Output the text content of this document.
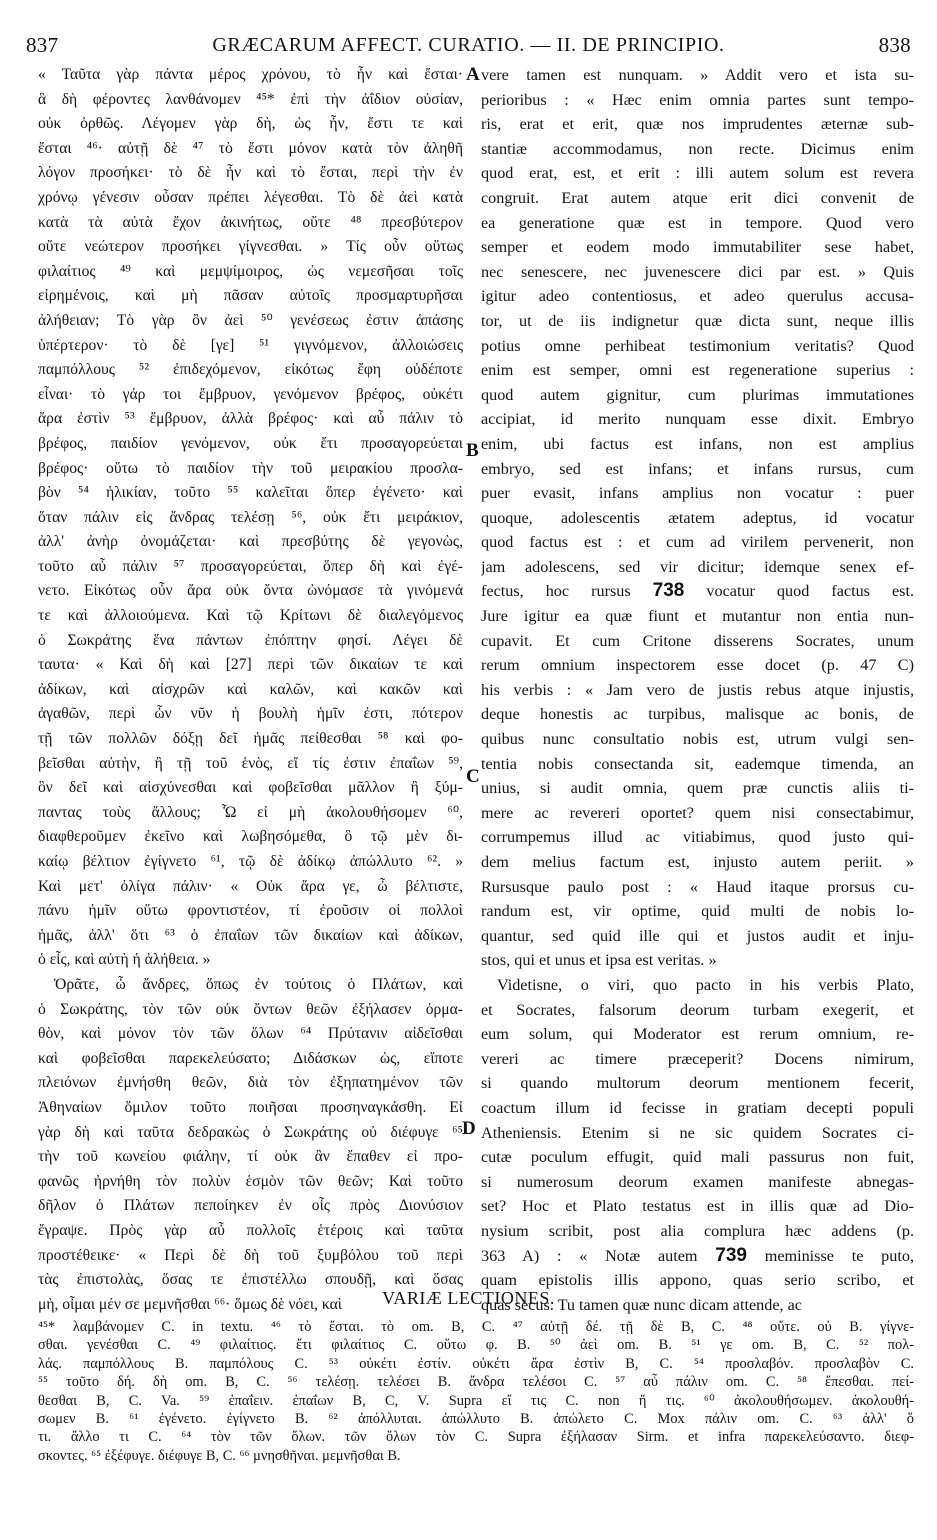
837	GRÆCARUM AFFECT. CURATIO. — II. DE PRINCIPIO.	838
« Ταῦτα γὰρ πάντα μέρος χρόνου, τὸ ἦν καὶ ἔσται·
ἃ δὴ φέροντες λανθάνομεν ⁴⁵* ἐπὶ τὴν ἀΐδιον οὐσίαν,
οὐκ ὀρθῶς. Λέγομεν γὰρ δὴ, ὡς ἦν, ἔστι τε καὶ
ἔσται ⁴⁶· αὐτῇ δὲ ⁴⁷ τὸ ἔστι μόνον κατὰ τὸν ἀληθῆ
λόγον προσήκει· τὸ δὲ ἦν καὶ τὸ ἔσται, περὶ τὴν ἐν
χρόνῳ γένεσιν οὖσαν πρέπει λέγεσθαι. Τὸ δὲ ἀεὶ κατὰ
κατὰ τὰ αὐτὰ ἔχον ἀκινήτως, οὔτε ⁴⁸ πρεσβύτερον
οὔτε νεώτερον προσήκει γίγνεσθαι. » Τίς οὖν οὕτως
φιλαίτιος ⁴⁹ καὶ μεμψίμοιρος, ὡς νεμεσῆσαι τοῖς
εἰρημένοις, καὶ μὴ πᾶσαν αὐτοῖς προσμαρτυρῆσαι
ἀλήθειαν; Τὸ γὰρ ὂν ἀεὶ ⁵⁰ γενέσεως ἐστιν ἁπάσης
ὑπέρτερον· τὸ δὲ [γε] ⁵¹ γιγνόμενον, ἀλλοιώσεις
παμπόλλους ⁵² ἐπιδεχόμενον, εἰκότως ἔφη οὐδέποτε
εἶναι· τὸ γάρ τοι ἔμβρυον, γενόμενον βρέφος, οὐκέτι
ἄρα ἐστὶν ⁵³ ἔμβρυον, ἀλλὰ βρέφος· καὶ αὖ πάλιν τὸ
βρέφος, παιδίον γενόμενον, οὐκ ἔτι προσαγορεύεται
βρέφος· οὕτω τὸ παιδίον τὴν τοῦ μειρακίου προσλα-
βὸν ⁵⁴ ἡλικίαν, τοῦτο ⁵⁵ καλεῖται ὅπερ ἐγένετο· καὶ
ὅταν πάλιν εἰς ἄνδρας τελέσῃ ⁵⁶, οὐκ ἔτι μειράκιον,
ἀλλ' ἀνὴρ ὀνομάζεται· καὶ πρεσβύτης δὲ γεγονὼς,
τοῦτο αὖ πάλιν ⁵⁷ προσαγορεύεται, ὅπερ δὴ καὶ ἐγέ-
νετο. Εἰκότως οὖν ἄρα οὐκ ὄντα ὠνόμασε τὰ γινόμενά
τε καὶ ἀλλοιούμενα. Καὶ τῷ Κρίτωνι δὲ διαλεγόμενος
ὁ Σωκράτης ἕνα πάντων ἐπόπτην φησί. Λέγει δὲ
ταυτα· « Καὶ δὴ καὶ [27] περὶ τῶν δικαίων τε καὶ
ἀδίκων, καὶ αἰσχρῶν καὶ καλῶν, καὶ κακῶν καὶ
ἀγαθῶν, περὶ ὧν νῦν ἡ βουλὴ ἡμῖν ἐστι, πότερον
τῇ τῶν πολλῶν δόξῃ δεῖ ἡμᾶς πείθεσθαι ⁵⁸ καὶ φο-
βεῖσθαι αὐτὴν, ἢ τῇ τοῦ ἑνὸς, εἴ τίς ἐστιν ἐπαΐων ⁵⁹,
ὃν δεῖ καὶ αἰσχύνεσθαι καὶ φοβεῖσθαι μᾶλλον ἢ ξύμ-
παντας τοὺς ἄλλους; Ὧ εἰ μὴ ἀκολουθήσομεν ⁶⁰,
διαφθεροῦμεν ἐκεῖνο καὶ λωβησόμεθα, ὃ τῷ μὲν δι-
καίῳ βέλτιον ἐγίγνετο ⁶¹, τῷ δὲ ἀδίκῳ ἀπώλλυτο ⁶². »
Καὶ μετ' ὀλίγα πάλιν· « Οὐκ ἄρα γε, ὦ βέλτιστε,
πάνυ ἡμῖν οὕτω φροντιστέον, τί ἐροῦσιν οἱ πολλοὶ
ἡμᾶς, ἀλλ' ὅτι ⁶³ ὁ ἐπαΐων τῶν δικαίων καὶ ἀδίκων,
ὁ εἷς, καὶ αὐτὴ ἡ ἀλήθεια. »
Ὁρᾶτε, ὦ ἄνδρες, ὅπως ἐν τούτοις ὁ Πλάτων, καὶ
ὁ Σωκράτης, τὸν τῶν οὐκ ὄντων θεῶν ἐξήλασεν ὁρμα-
θὸν, καὶ μόνον τὸν τῶν ὅλων ⁶⁴ Πρύτανιν αἰδεῖσθαι
καὶ φοβεῖσθαι παρεκελεύσατο; Διδάσκων ὡς, εἴποτε
πλειόνων ἐμνήσθη θεῶν, διὰ τὸν ἐξηπατημένον τῶν
Ἀθηναίων ὅμιλον τοῦτο ποιῆσαι προσηναγκάσθη. Εἰ
γὰρ δὴ καὶ ταῦτα δεδρακὼς ὁ Σωκράτης οὐ διέφυγε ⁶⁵
τὴν τοῦ κωνείου φιάλην, τί οὐκ ἂν ἔπαθεν εἰ προ-
φανῶς ἠρνήθη τὸν πολὺν ἑσμὸν τῶν θεῶν; Καὶ τοῦτο
δῆλον ὁ Πλάτων πεποίηκεν ἐν οἷς πρὸς Διονύσιον
ἔγραψε. Πρὸς γὰρ αὖ πολλοῖς ἑτέροις καὶ ταῦτα
προστέθεικε· « Περὶ δὲ δὴ τοῦ ξυμβόλου τοῦ περὶ
τὰς ἐπιστολὰς, ὅσας τε ἐπιστέλλω σπουδῇ, καὶ ὅσας
μὴ, οἶμαι μέν σε μεμνῆσθαι ⁶⁶· ὅμως δὲ νόει, καὶ
vere tamen est nunquam. » Addit vero et ista su-
perioribus : « Hæc enim omnia partes sunt tempo-
ris, erat et erit, quæ nos imprudentes æternæ sub-
stantiæ accommodamus, non recte. Dicimus enim
quod erat, est, et erit : illi autem solum est revera
congruit. Erat autem atque erit dici convenit de
ea generatione quæ est in tempore. Quod vero
semper et eodem modo immutabiliter sese habet,
nec senescere, nec juvenescere dici par est. » Quis
igitur adeo contentiosus, et adeo querulus accusa-
tor, ut de iis indignetur quæ dicta sunt, neque illis
potius omne perhibeat testimonium veritatis? Quod
enim est semper, omni est regeneratione superius :
quod autem gignitur, cum plurimas immutationes
accipiat, id merito nunquam esse dixit. Embryo
enim, ubi factus est infans, non est amplius
embryo, sed est infans; et infans rursus, cum
puer evasit, infans amplius non vocatur : puer
quoque, adolescentis ætatem adeptus, id vocatur
quod factus est : et cum ad virilem pervenerit, non
jam adolescens, sed vir dicitur; idemque senex ef-
fectus, hoc rursus 738 vocatur quod factus est.
Jure igitur ea quæ fiunt et mutantur non entia nun-
cupavit. Et cum Critone disserens Socrates, unum
rerum omnium inspectorem esse docet (p. 47 C)
his verbis : « Jam vero de justis rebus atque injustis,
deque honestis ac turpibus, malisque ac bonis, de
quibus nunc consultatio nobis est, utrum vulgi sen-
tentia nobis consectanda sit, eademque timenda, an
unius, si audit omnia, quem præ cunctis aliis ti-
mere ac revereri oportet? quem nisi consectabimur,
corrumpemus illud ac vitiabimus, quod justo qui-
dem melius factum est, injusto autem periit. »
Rursusque paulo post : « Haud itaque prorsus cu-
randum est, vir optime, quid multi de nobis lo-
quantur, sed quid ille qui et justos audit et inju-
stos, qui et unus et ipsa est veritas. »
Videtisne, o viri, quo pacto in his verbis Plato,
et Socrates, falsorum deorum turbam exegerit, et
eum solum, qui Moderator est rerum omnium, re-
vereri ac timere præceperit? Docens nimirum,
si quando multorum deorum mentionem fecerit,
coactum illum id fecisse in gratiam decepti populi
Atheniensis. Etenim si ne sic quidem Socrates ci-
cutæ poculum effugit, quid mali passurus non fuit,
si numerosum deorum examen manifeste abnegas-
set? Hoc et Plato testatus est in illis quæ ad Dio-
nysium scribit, post alia complura hæc addens (p.
363 A) : « Notæ autem 739 meminisse te puto,
quam epistolis illis appono, quas serio scribo, et
quas secus. Tu tamen quæ nunc dicam attende, ac
A
B
C
D
VARIÆ LECTIONES.
⁴⁵* λαμβάνομεν C. in textu. ⁴⁶ τὸ ἔσται. τὸ om. B, C. ⁴⁷ αὐτῇ δέ. τῇ δὲ B, C. ⁴⁸ οὔτε. οὐ B. γίγνε-
σθαι. γενέσθαι C. ⁴⁹ φιλαίτιος. ἔτι φιλαίτιος C. οὕτω φ. B. ⁵⁰ ἀεὶ om. B. ⁵¹ γε om. B, C. ⁵² πολ-
λάς. παμπόλλους B. παμπόλους C. ⁵³ οὐκέτι ἐστίν. οὐκέτι ἄρα ἐστὶν B, C. ⁵⁴ προσλαβόν. προσλαβὸν C.
⁵⁵ τοῦτο δή. δὴ om. B, C. ⁵⁶ τελέσῃ. τελέσει B. ἄνδρα τελέσοι C. ⁵⁷ αὖ πάλιν om. C. ⁵⁸ ἔπεσθαι. πεί-
θεσθαι B, C. Va. ⁵⁹ ἐπαΐειν. ἐπαΐων B, C, V. Supra εἴ τις C. non ἥ τις. ⁶⁰ ἀκολουθήσωμεν. ἀκολουθή-
σωμεν B. ⁶¹ ἐγένετο. ἐγίγνετο B. ⁶² ἀπόλλυται. ἀπώλλυτο B. ἀπώλετο C. Mox πάλιν om. C. ⁶³ ἀλλ' ὅ
τι. ἄλλο τι C. ⁶⁴ τὸν τῶν ὅλων. τῶν ὅλων τὸν C. Supra ἐξήλασαν Sirm. et infra παρεκελεύσαντο. διεφ-
σκοντες. ⁶⁵ ἐξέφυγε. διέφυγε B, C. ⁶⁶ μνησθῆναι. μεμνῆσθαι B.
